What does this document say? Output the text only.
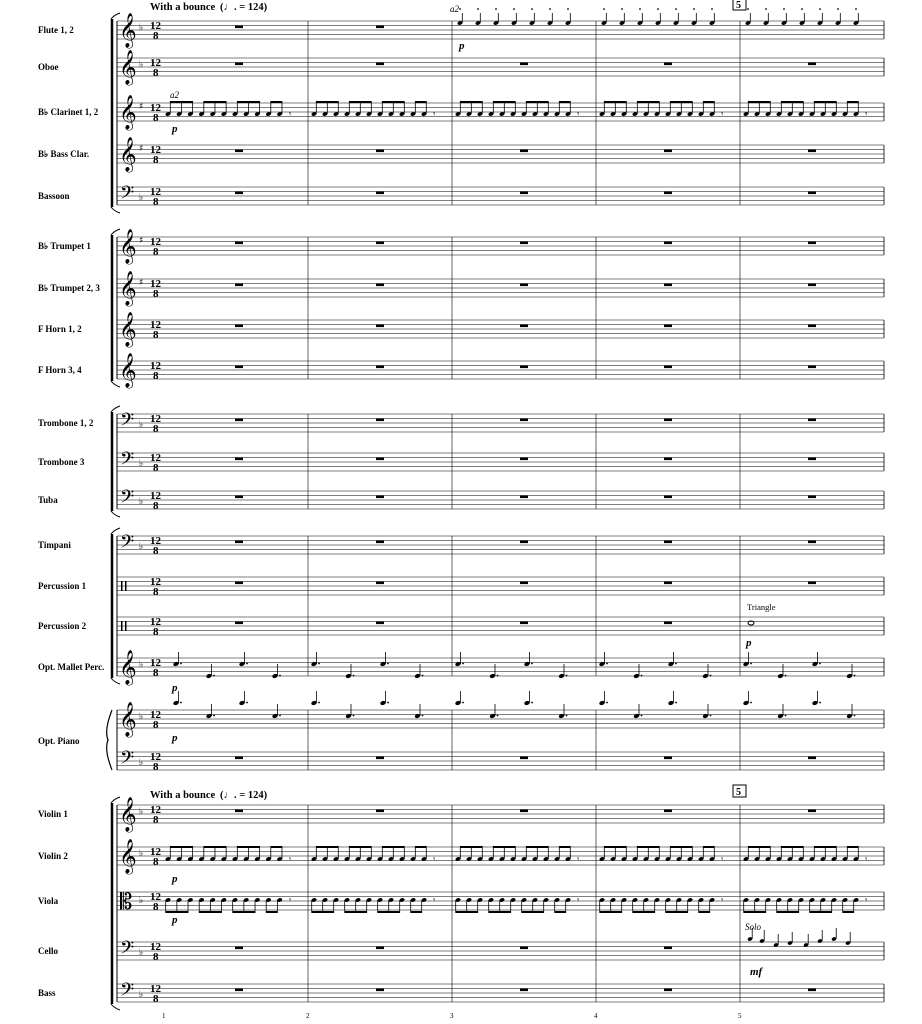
Flute 1, 2 𝄞 ♭ 12
8
Oboe 𝄞 ♭ 12
8
B♭ Clarinet 1, 2 𝄞 ♯ 12
8
B♭ Bass Clar. 𝄞 ♯ 12
8
Bassoon 𝄢 ♭ 12
8
B♭ Trumpet 1 𝄞 ♯ 12
8
B♭ Trumpet 2, 3 𝄞 ♯ 12
8
F Horn 1, 2 𝄞 12
8
F Horn 3, 4 𝄞 12
8
Trombone 1, 2 𝄢 ♭ 12
8
Trombone 3 𝄢 ♭ 12
8
Tuba	𝄢 ♭ 12
8
Timpani 𝄢 ♭ 12
8
Percussion 1	12
8
Percussion 2	12
8
Opt. Mallet Perc. 𝄞 ♭ 12
8
Opt. Piano
𝄞 ♭ 12
8
𝄢 ♭ 12
8
Violin 1 𝄞 ♭ 12
8
Violin 2 𝄞 ♭ 12
8
Viola	𝄡 ♭ 12
8
Cello	𝄢 ♭ 12
8
Bass	𝄢 ♭ 12
8
𝄾	𝄾	𝄾	𝄾	𝄾
𝄾	𝄾	𝄾	𝄾	𝄾
𝄾	𝄾	𝄾	𝄾	𝄾
With a bounce (♩. = 124)
With a bounce (♩. = 124)
5
5
a2
a2
Triangle
Solo
p
p
p
p
p
p
p
mf
1	2	3	4	5
